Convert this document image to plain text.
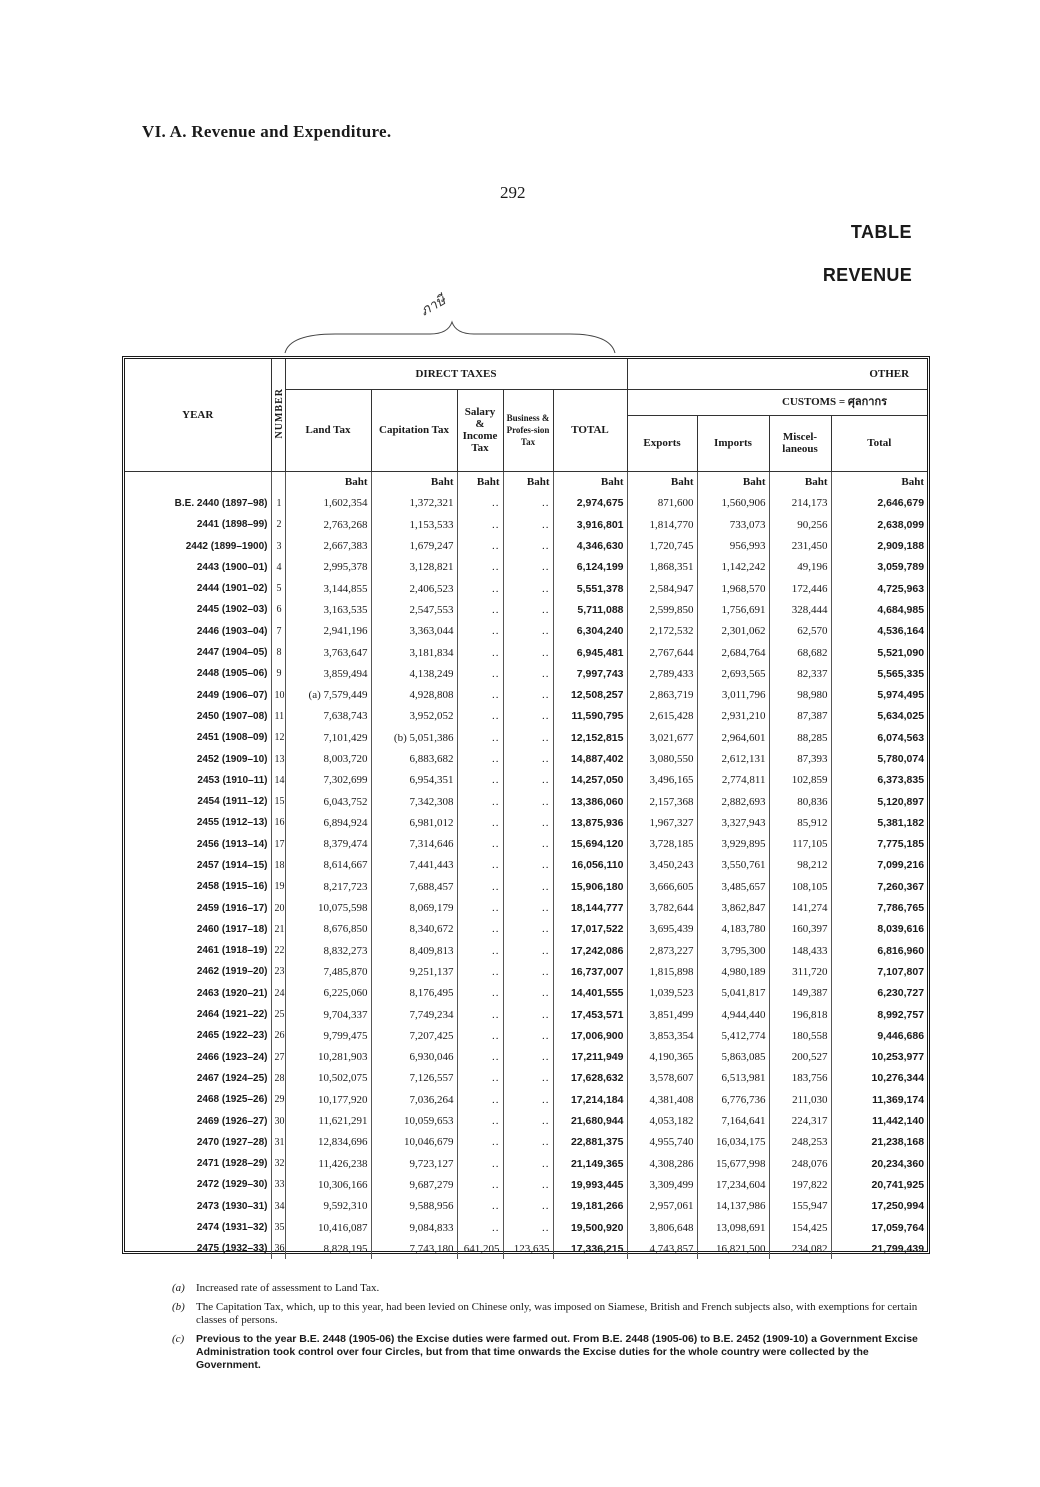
VI. A. Revenue and Expenditure.
292
TABLE
REVENUE
ภาษี
YEAR	NUMBER	DIRECT TAXES					OTHER			
		Land Tax	Capitation Tax	Salary & Income Tax	Business & Profes-sion Tax	TOTAL	CUSTOMS = ศุลกากร			
							Exports	Imports	Miscel-laneous	Total
		Baht	Baht	Baht	Baht	Baht	Baht	Baht	Baht	Baht
B.E. 2440 (1897–98)	1	1,602,354	1,372,321	..	..	2,974,675	871,600	1,560,906	214,173	2,646,679
2441 (1898–99)	2	2,763,268	1,153,533	..	..	3,916,801	1,814,770	733,073	90,256	2,638,099
2442 (1899–1900)	3	2,667,383	1,679,247	..	..	4,346,630	1,720,745	956,993	231,450	2,909,188
2443 (1900–01)	4	2,995,378	3,128,821	..	..	6,124,199	1,868,351	1,142,242	49,196	3,059,789
2444 (1901–02)	5	3,144,855	2,406,523	..	..	5,551,378	2,584,947	1,968,570	172,446	4,725,963
2445 (1902–03)	6	3,163,535	2,547,553	..	..	5,711,088	2,599,850	1,756,691	328,444	4,684,985
2446 (1903–04)	7	2,941,196	3,363,044	..	..	6,304,240	2,172,532	2,301,062	62,570	4,536,164
2447 (1904–05)	8	3,763,647	3,181,834	..	..	6,945,481	2,767,644	2,684,764	68,682	5,521,090
2448 (1905–06)	9	3,859,494	4,138,249	..	..	7,997,743	2,789,433	2,693,565	82,337	5,565,335
2449 (1906–07)	10	(a) 7,579,449	4,928,808	..	..	12,508,257	2,863,719	3,011,796	98,980	5,974,495
2450 (1907–08)	11	7,638,743	3,952,052	..	..	11,590,795	2,615,428	2,931,210	87,387	5,634,025
2451 (1908–09)	12	7,101,429	(b) 5,051,386	..	..	12,152,815	3,021,677	2,964,601	88,285	6,074,563
2452 (1909–10)	13	8,003,720	6,883,682	..	..	14,887,402	3,080,550	2,612,131	87,393	5,780,074
2453 (1910–11)	14	7,302,699	6,954,351	..	..	14,257,050	3,496,165	2,774,811	102,859	6,373,835
2454 (1911–12)	15	6,043,752	7,342,308	..	..	13,386,060	2,157,368	2,882,693	80,836	5,120,897
2455 (1912–13)	16	6,894,924	6,981,012	..	..	13,875,936	1,967,327	3,327,943	85,912	5,381,182
2456 (1913–14)	17	8,379,474	7,314,646	..	..	15,694,120	3,728,185	3,929,895	117,105	7,775,185
2457 (1914–15)	18	8,614,667	7,441,443	..	..	16,056,110	3,450,243	3,550,761	98,212	7,099,216
2458 (1915–16)	19	8,217,723	7,688,457	..	..	15,906,180	3,666,605	3,485,657	108,105	7,260,367
2459 (1916–17)	20	10,075,598	8,069,179	..	..	18,144,777	3,782,644	3,862,847	141,274	7,786,765
2460 (1917–18)	21	8,676,850	8,340,672	..	..	17,017,522	3,695,439	4,183,780	160,397	8,039,616
2461 (1918–19)	22	8,832,273	8,409,813	..	..	17,242,086	2,873,227	3,795,300	148,433	6,816,960
2462 (1919–20)	23	7,485,870	9,251,137	..	..	16,737,007	1,815,898	4,980,189	311,720	7,107,807
2463 (1920–21)	24	6,225,060	8,176,495	..	..	14,401,555	1,039,523	5,041,817	149,387	6,230,727
2464 (1921–22)	25	9,704,337	7,749,234	..	..	17,453,571	3,851,499	4,944,440	196,818	8,992,757
2465 (1922–23)	26	9,799,475	7,207,425	..	..	17,006,900	3,853,354	5,412,774	180,558	9,446,686
2466 (1923–24)	27	10,281,903	6,930,046	..	..	17,211,949	4,190,365	5,863,085	200,527	10,253,977
2467 (1924–25)	28	10,502,075	7,126,557	..	..	17,628,632	3,578,607	6,513,981	183,756	10,276,344
2468 (1925–26)	29	10,177,920	7,036,264	..	..	17,214,184	4,381,408	6,776,736	211,030	11,369,174
2469 (1926–27)	30	11,621,291	10,059,653	..	..	21,680,944	4,053,182	7,164,641	224,317	11,442,140
2470 (1927–28)	31	12,834,696	10,046,679	..	..	22,881,375	4,955,740	16,034,175	248,253	21,238,168
2471 (1928–29)	32	11,426,238	9,723,127	..	..	21,149,365	4,308,286	15,677,998	248,076	20,234,360
2472 (1929–30)	33	10,306,166	9,687,279	..	..	19,993,445	3,309,499	17,234,604	197,822	20,741,925
2473 (1930–31)	34	9,592,310	9,588,956	..	..	19,181,266	2,957,061	14,137,986	155,947	17,250,994
2474 (1931–32)	35	10,416,087	9,084,833	..	..	19,500,920	3,806,648	13,098,691	154,425	17,059,764
2475 (1932–33)	36	8,828,195	7,743,180	641,205	123,635	17,336,215	4,743,857	16,821,500	234,082	21,799,439
(a)	Increased rate of assessment to Land Tax.
(b)	The Capitation Tax, which, up to this year, had been levied on Chinese only, was imposed on Siamese, British and French subjects also, with exemptions for certain classes of persons.
(c)	Previous to the year B.E. 2448 (1905-06) the Excise duties were farmed out. From B.E. 2448 (1905-06) to B.E. 2452 (1909-10) a Government Excise Administration took control over four Circles, but from that time onwards the Excise duties for the whole country were collected by the Government.
